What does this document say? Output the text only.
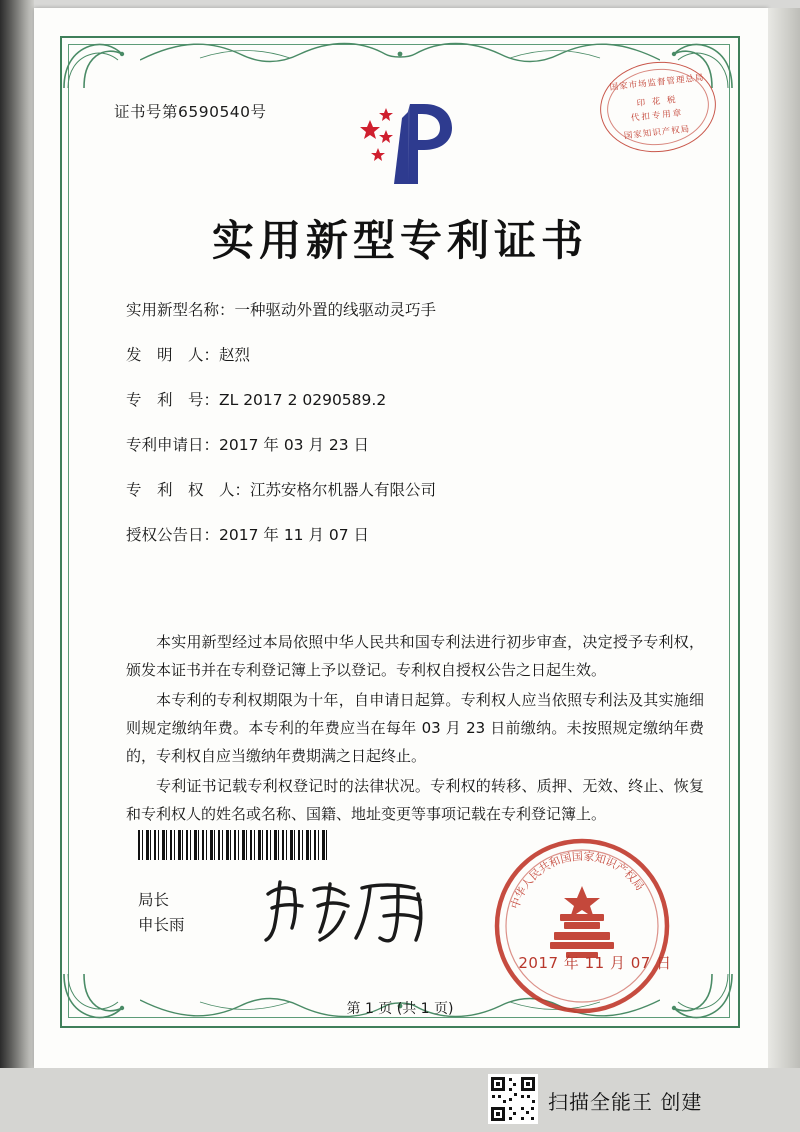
证书号第6590540号
国家市场监督管理总局
印 花 税
代扣专用章
国家知识产权局
实用新型专利证书
实用新型名称： 一种驱动外置的线驱动灵巧手
发　明　人： 赵烈
专　利　号： ZL 2017 2 0290589.2
专利申请日： 2017 年 03 月 23 日
专　利　权　人： 江苏安格尔机器人有限公司
授权公告日： 2017 年 11 月 07 日

本实用新型经过本局依照中华人民共和国专利法进行初步审查，决定授予专利权，颁发本证书并在专利登记簿上予以登记。专利权自授权公告之日起生效。

本专利的专利权期限为十年，自申请日起算。专利权人应当依照专利法及其实施细则规定缴纳年费。本专利的年费应当在每年 03 月 23 日前缴纳。未按照规定缴纳年费的，专利权自应当缴纳年费期满之日起终止。

专利证书记载专利权登记时的法律状况。专利权的转移、质押、无效、终止、恢复和专利权人的姓名或名称、国籍、地址变更等事项记载在专利登记簿上。

局长
申长雨
中华人民共和国国家知识产权局
2017 年 11 月 07 日
第 1 页 (共 1 页)
扫描全能王 创建
